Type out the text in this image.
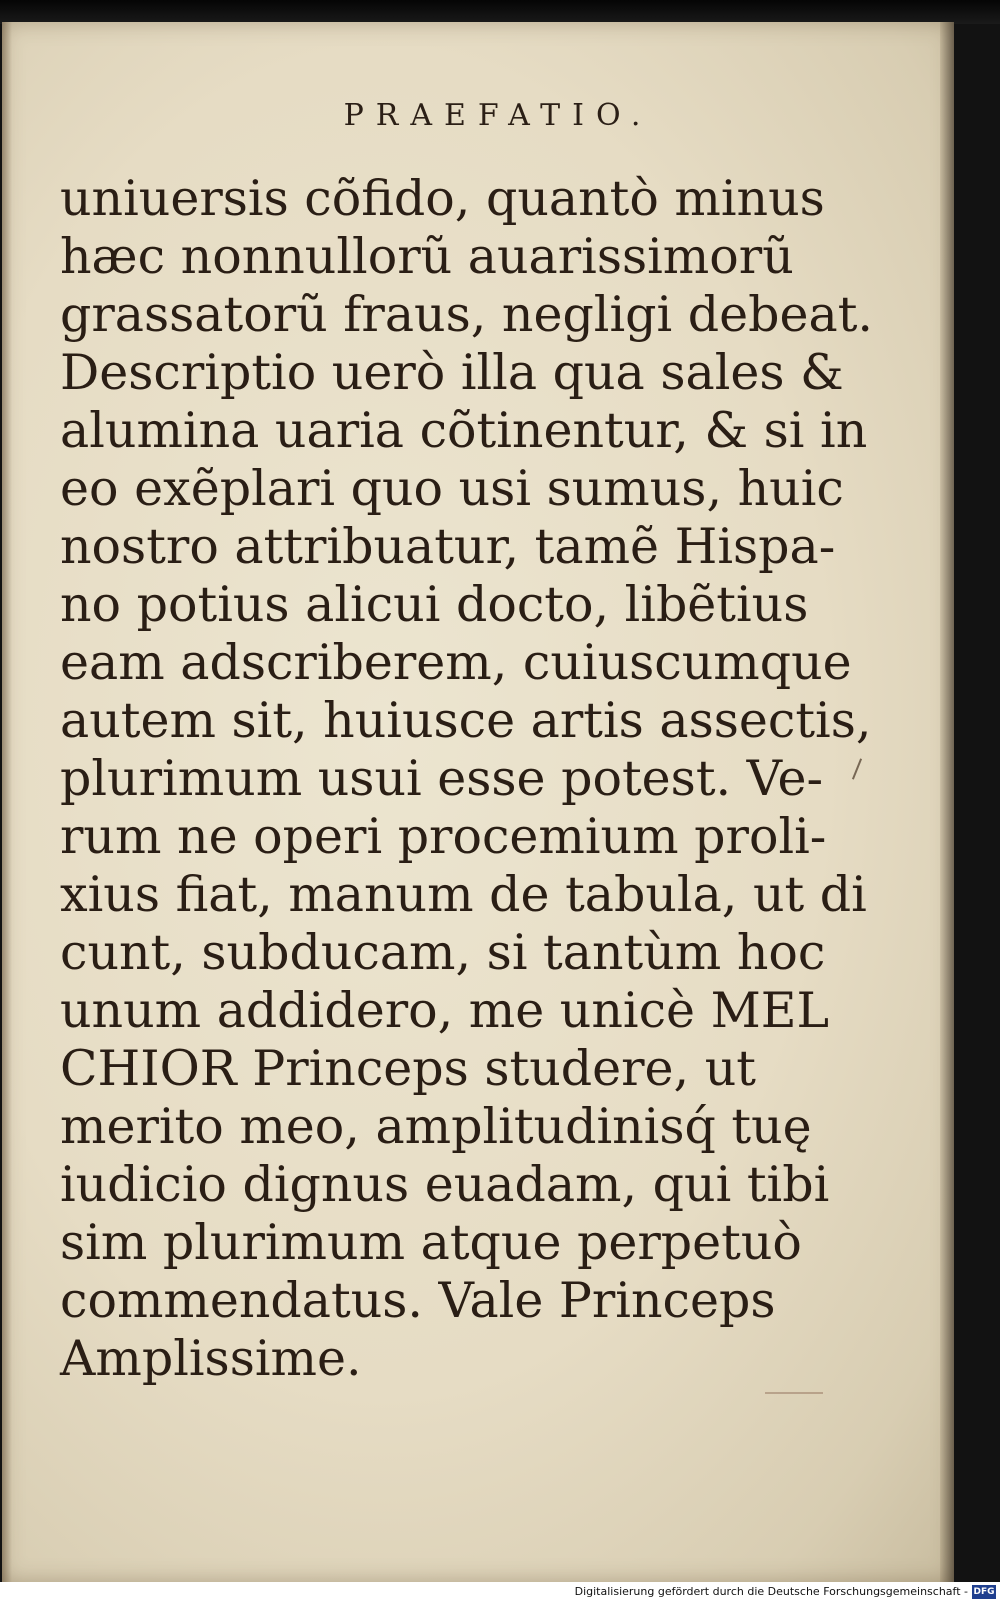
PRAEFATIO.
uniuersis cõfido, quantò minus
hæc nonnullorũ auarissimorũ
grassatorũ fraus, negligi debeat.
Descriptio uerò illa qua sales &
alumina uaria cõtinentur, & si in
eo exẽplari quo usi sumus, huic
nostro attribuatur, tamẽ Hispa-
no potius alicui docto, libẽtius
eam adscriberem, cuiuscumque
autem sit, huiusce artis assectis,
plurimum usui esse potest. Ve-
rum ne operi procemium proli-
xius fiat, manum de tabula, ut di
cunt, subducam, si tantùm hoc
unum addidero, me unicè MEL
CHIOR Princeps studere, ut
merito meo, amplitudinisq́ tuę
iudicio dignus euadam, qui tibi
sim plurimum atque perpetuò
commendatus. Vale Princeps
Amplissime.
Digitalisierung gefördert durch die Deutsche Forschungsgemeinschaft - DFG
